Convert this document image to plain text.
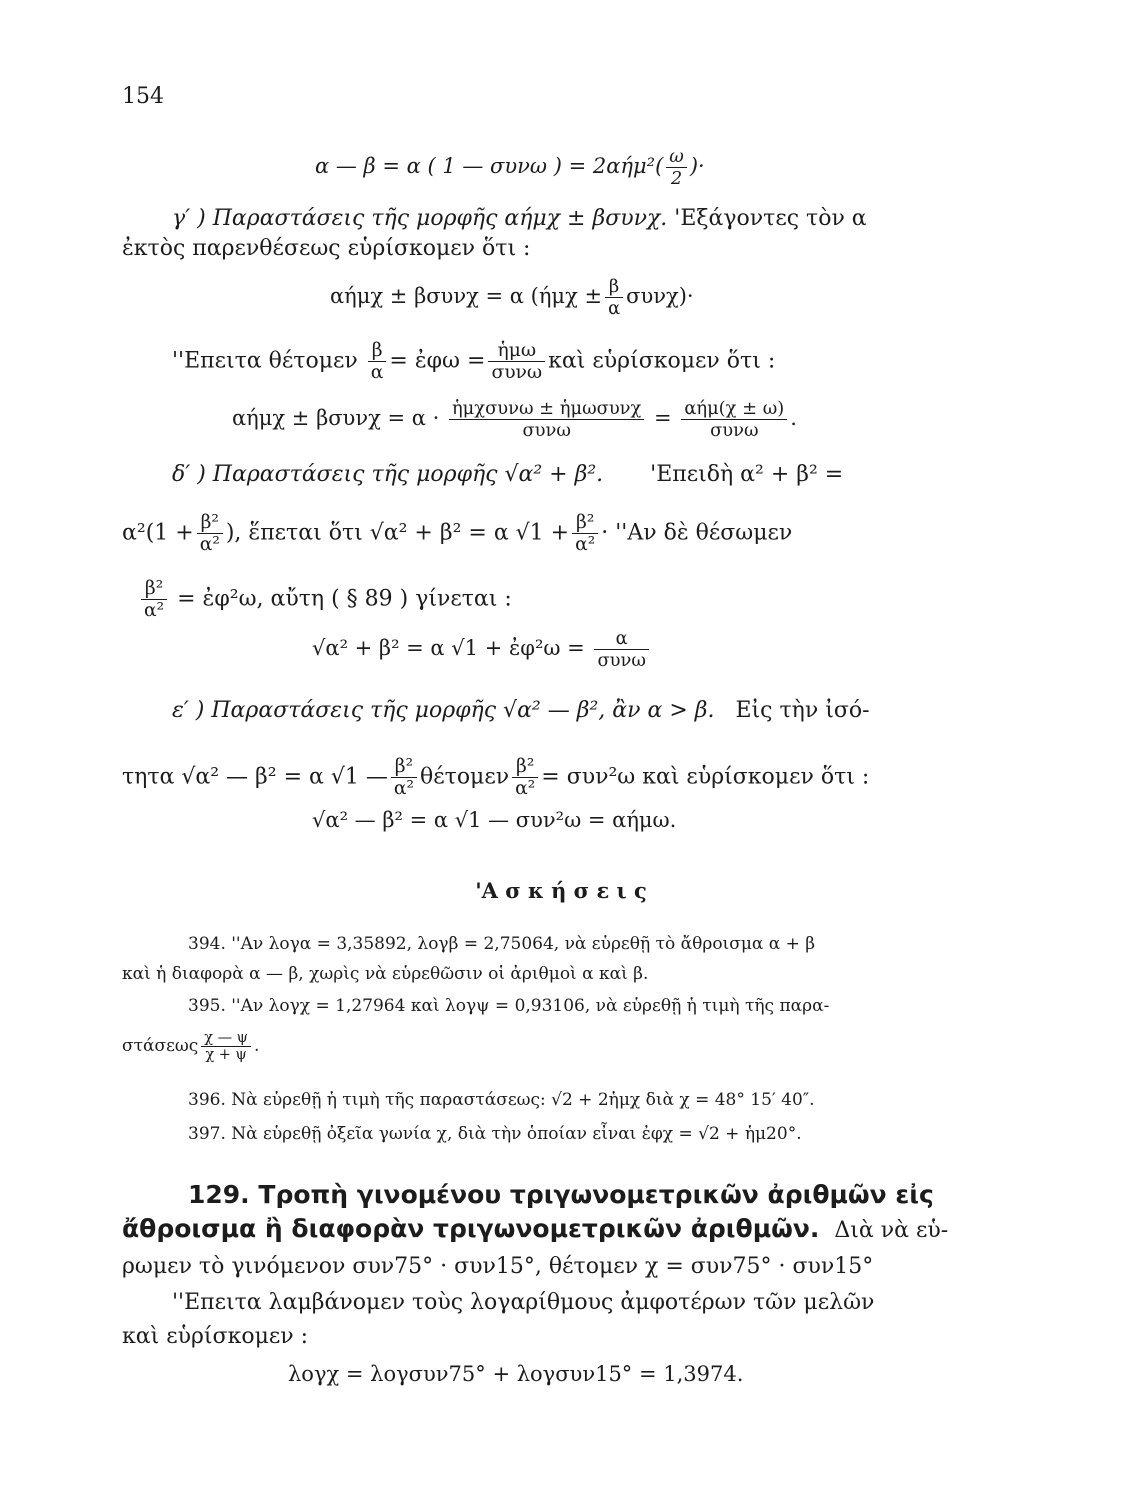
154
α — β = α ( 1 — συνω ) = $2\alpha ή\mu^2( \frac{\omega}{2}$ )·
γ′ ) Παραστάσεις τῆς μορφῆς αήμχ ± βσυνχ. 'Εξάγοντες τὸν α
ἐκτὸς παρενθέσεως εὑρίσκομεν ὅτι :
αήμχ ± βσυνχ = α $(ή\mu\chi \pm \frac{\beta}{\alpha} \sigma\upsilon\nu\chi)\cdot$
''Επειτα θέτομεν $\frac{\beta}{\alpha}$ = ἐφω = $\frac{\text{ἡμω}}{\text{συνω}}$ καὶ εὑρίσκομεν ὅτι :
$\alpha ή\mu\chi \pm \beta\sigma\upsilon\nu\chi = \alpha \cdot \frac{\text{ἡμχσυνω ± ἡμωσυνχ}}{\text{συνω}} = \frac{\text{αήμ(χ ± ω)}}{\text{συνω}}$ .
δ′ ) Παραστάσεις τῆς μορφῆς √α² + β². 'Επειδὴ α² + β² =
$\alpha^2(1 + \frac{\text{β²}}{\text{α²}}$ ), ἕπεται ὅτι √α² + β² = α $√1 + \frac{\text{β²}}{\text{α²}}$ · ''Αν δὲ θέσωμεν
$\frac{\text{β²}}{\text{α²}}$ = ἐφ²ω, αὔτη ( § 89 ) γίνεται :
√α² + β² = α √1 + ἐφ²ω = $\frac{\alpha}{\text{συνω}}$
ε′ ) Παραστάσεις τῆς μορφῆς √α² — β², ἂν α > β. Εἰς τὴν ἰσό-
τητα √α² — β² = α √1 — $\frac{\text{β²}}{\text{α²}}$ θέτομεν $\frac{\text{β²}}{\text{α²}} = \sigma\upsilon\nu^2\omega$ καὶ εὑρίσκομεν ὅτι :
√α² — β² = α √1 — συν²ω = αήμω.
'Α σ κ ή σ ε ι ς
394. ''Αν λογα = 3,35892, λογβ = 2,75064, νὰ εὑρεθῇ τὸ ἄθροισμα α + β
καὶ ἡ διαφορὰ α — β, χωρὶς νὰ εὑρεθῶσιν οἱ ἀριθμοὶ α καὶ β.
395. ''Αν λογχ = 1,27964 καὶ λογψ = 0,93106, νὰ εὑρεθῇ ἡ τιμὴ τῆς παρα-
στάσεως $\frac{\chi — \psi}{\chi + \psi}$ .
396. Νὰ εὑρεθῇ ἡ τιμὴ τῆς παραστάσεως: √2 + 2ἡμχ διὰ χ = 48° 15′ 40″.
397. Νὰ εὑρεθῇ ὀξεῖα γωνία χ, διὰ τὴν ὁποίαν εἶναι ἐφχ = √2 + ἡμ20°.
129. Τροπὴ γινομένου τριγωνομετρικῶν ἀριθμῶν εἰς
ἄθροισμα ἢ διαφορὰν τριγωνομετρικῶν ἀριθμῶν. Διὰ νὰ εὑ-
ρωμεν τὸ γινόμενον συν75° · συν15°, θέτομεν χ = συν75° · συν15°
''Επειτα λαμβάνομεν τοὺς λογαρίθμους ἀμφοτέρων τῶν μελῶν
καὶ εὑρίσκομεν :
λογχ = λογσυν75° + λογσυν15° = 1,3974.
